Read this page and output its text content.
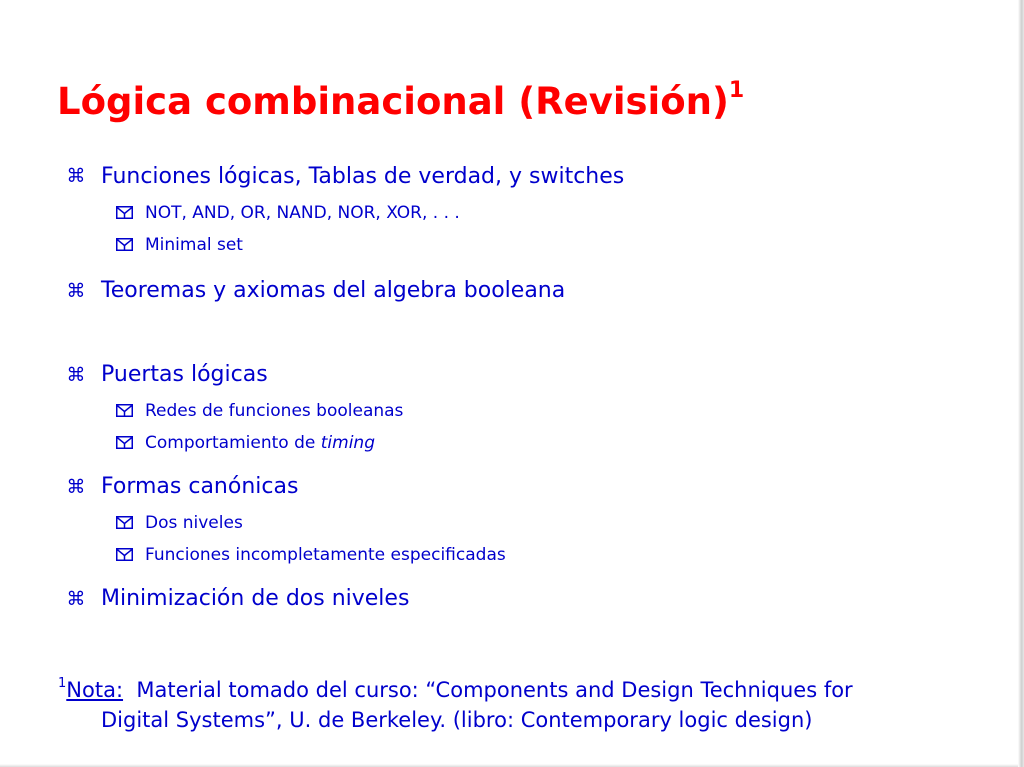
Lógica combinacional (Revisión)$^1$
⌘ Funciones lógicas, Tablas de verdad, y switches
NOT, AND, OR, NAND, NOR, XOR, . . .
Minimal set
⌘ Teoremas y axiomas del algebra booleana
⌘ Puertas lógicas
Redes de funciones booleanas
Comportamiento de timing
⌘ Formas canónicas
Dos niveles
Funciones incompletamente especificadas
⌘ Minimización de dos niveles
$^1$Nota: Material tomado del curso: “Components and Design Techniques for
Digital Systems”, U. de Berkeley. (libro: Contemporary logic design)
